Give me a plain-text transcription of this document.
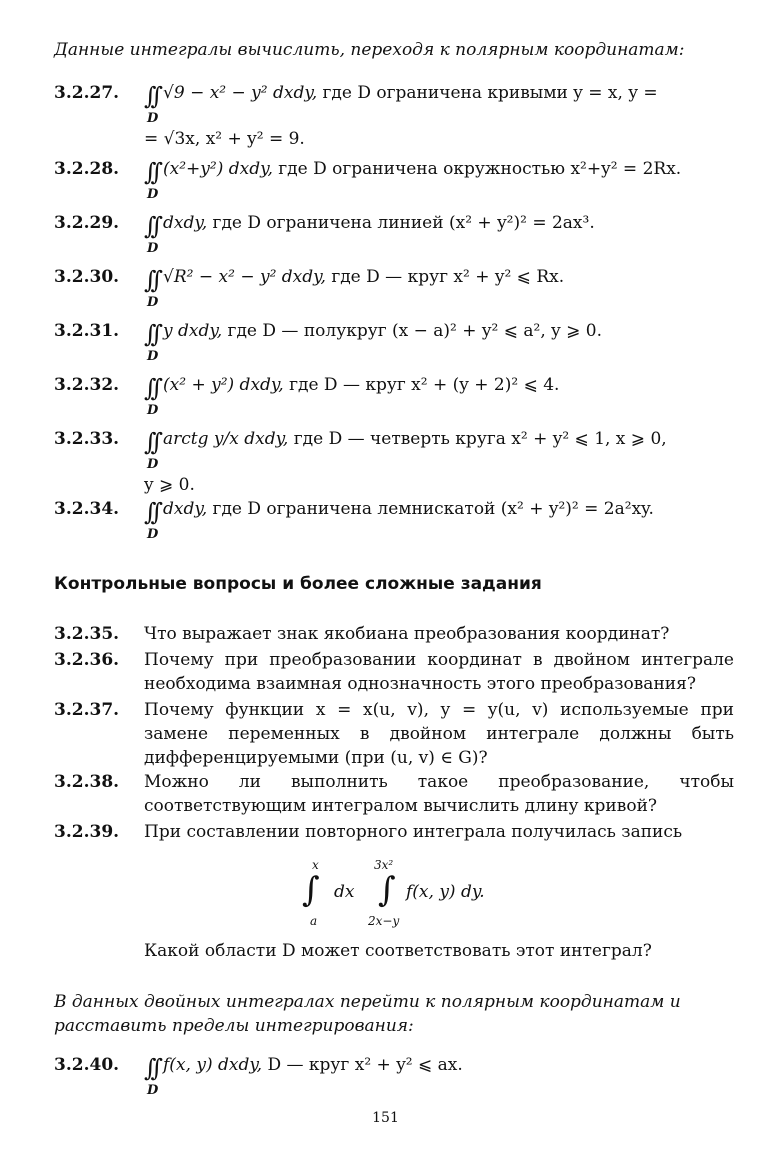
Данные интегралы вычислить, переходя к полярным координатам:
3.2.27. ∫∫ √9 − x² − y² dxdy, где D ограничена кривыми y = x, y =
D
= √3x, x² + y² = 9.
3.2.28. ∫∫ (x²+y²) dxdy, где D ограничена окружностью x²+y² = 2Rx.
D
3.2.29. ∫∫ dxdy, где D ограничена линией (x² + y²)² = 2ax³.
D
3.2.30. ∫∫ √R² − x² − y² dxdy, где D — круг x² + y² ⩽ Rx.
D
3.2.31. ∫∫ y dxdy, где D — полукруг (x − a)² + y² ⩽ a², y ⩾ 0.
D
3.2.32. ∫∫ (x² + y²) dxdy, где D — круг x² + (y + 2)² ⩽ 4.
D
3.2.33. ∫∫ arctg y/x dxdy, где D — четверть круга x² + y² ⩽ 1, x ⩾ 0,
D
y ⩾ 0.
3.2.34. ∫∫ dxdy, где D ограничена лемнискатой (x² + y²)² = 2a²xy.
D
Контрольные вопросы и более сложные задания
3.2.35. Что выражает знак якобиана преобразования координат?
3.2.36. Почему при преобразовании координат в двойном интеграле необходима взаимная однозначность этого преобразования?
3.2.37. Почему функции x = x(u, v), y = y(u, v) используемые при замене переменных в двойном интеграле должны быть дифференцируемыми (при (u, v) ∈ G)?
3.2.38. Можно ли выполнить такое преобразование, чтобы соответствующим интегралом вычислить длину кривой?
3.2.39. При составлении повторного интеграла получилась запись
x
∫
a
dx
3x²
∫
2x−y
f(x, y) dy.
Какой области D может соответствовать этот интеграл?
В данных двойных интегралах перейти к полярным координатам и расставить пределы интегрирования:
3.2.40. ∫∫ f(x, y) dxdy, D — круг x² + y² ⩽ ax.
D
151
